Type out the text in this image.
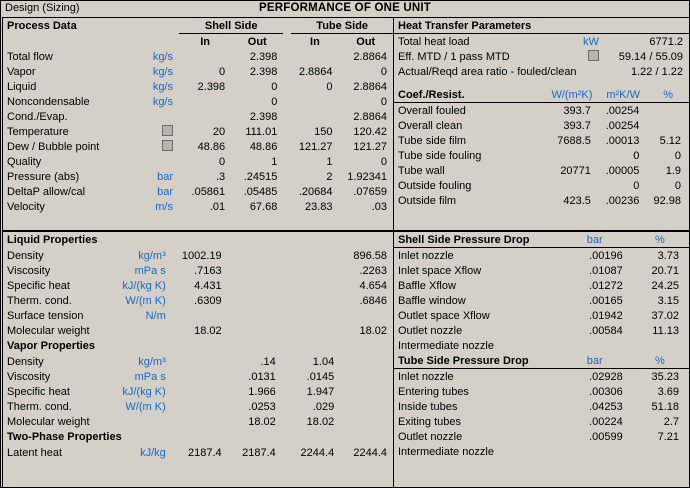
Design (Sizing)	PERFORMANCE OF ONE UNIT
Process Data		Shell Side			Tube Side	
		In	Out		In	Out
Total flow	kg/s		2.398			2.8864
Vapor	kg/s	0	2.398		2.8864	0
Liquid	kg/s	2.398	0		0	2.8864
Noncondensable	kg/s		0			0
Cond./Evap.			2.398			2.8864
Temperature		20	111.01		150	120.42
Dew / Bubble point		48.86	48.86		121.27	121.27
Quality		0	1		1	0
Pressure (abs)	bar	.3	.24515		2	1.92341
DeltaP allow/cal	bar	.05861	.05485		.20684	.07659
Velocity	m/s	.01	67.68		23.83	.03
Heat Transfer Parameters			
Total heat load	kW	6771.2	
Eff. MTD / 1 pass MTD		59.14 / 55.09	
Actual/Reqd area ratio - fouled/clean		1.22 / 1.22	

Coef./Resist.	W/(m²K)	m²K/W	%
Overall fouled	393.7	.00254	
Overall clean	393.7	.00254	
Tube side film	7688.5	.00013	5.12
Tube side fouling		0	0
Tube wall	20771	.00005	1.9
Outside fouling		0	0
Outside film	423.5	.00236	92.98
Liquid Properties						
Density	kg/m³	1002.19				896.58
Viscosity	mPa s	.7163				.2263
Specific heat	kJ/(kg K)	4.431				4.654
Therm. cond.	W/(m K)	.6309				.6846
Surface tension	N/m					
Molecular weight		18.02				18.02
Vapor Properties						
Density	kg/m³		.14		1.04	
Viscosity	mPa s		.0131		.0145	
Specific heat	kJ/(kg K)		1.966		1.947	
Therm. cond.	W/(m K)		.0253		.029	
Molecular weight			18.02		18.02	
Two-Phase Properties						
Latent heat	kJ/kg	2187.4	2187.4		2244.4	2244.4
Shell Side Pressure Drop	bar	%
Inlet nozzle	.00196	3.73
Inlet space Xflow	.01087	20.71
Baffle Xflow	.01272	24.25
Baffle window	.00165	3.15
Outlet space Xflow	.01942	37.02
Outlet nozzle	.00584	11.13
Intermediate nozzle		
Tube Side Pressure Drop	bar	%
Inlet nozzle	.02928	35.23
Entering tubes	.00306	3.69
Inside tubes	.04253	51.18
Exiting tubes	.00224	2.7
Outlet nozzle	.00599	7.21
Intermediate nozzle		
